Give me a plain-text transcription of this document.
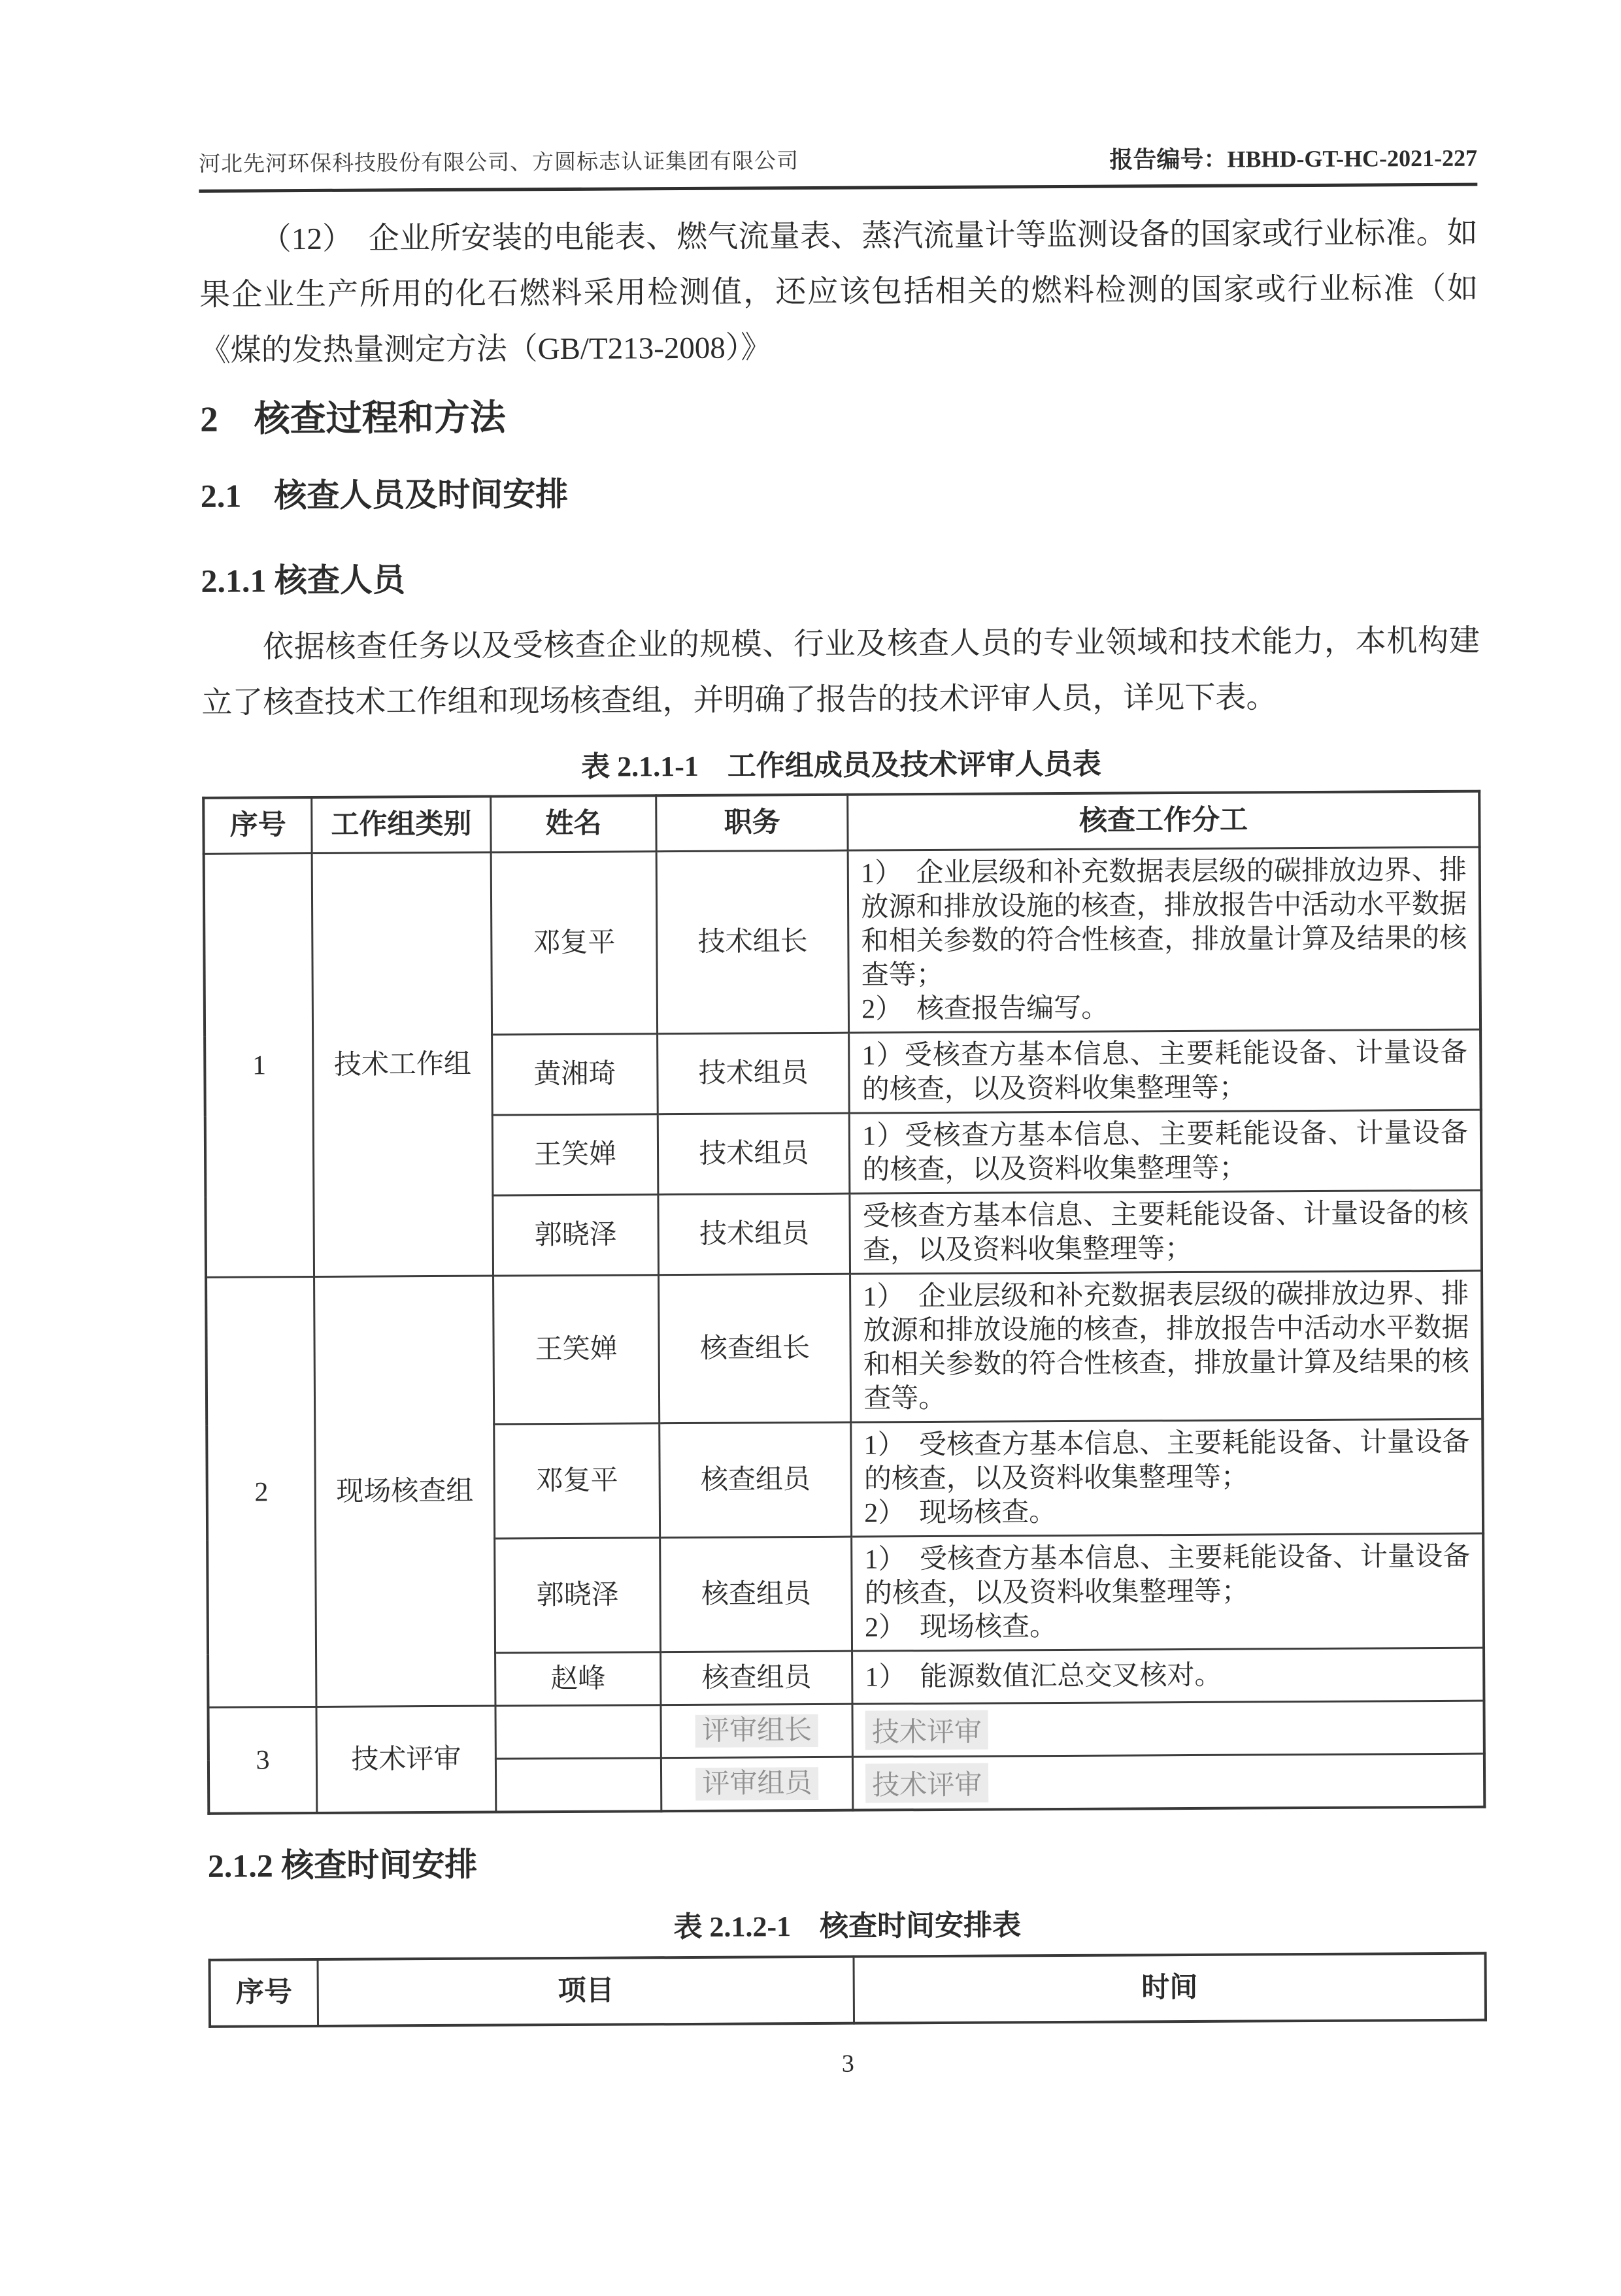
河北先河环保科技股份有限公司、方圆标志认证集团有限公司	报告编号：HBHD-GT-HC-2021-227

（12）　企业所安装的电能表、燃气流量表、蒸汽流量计等监测设备的国家或行业标准。如果企业生产所用的化石燃料采用检测值，还应该包括相关的燃料检测的国家或行业标准（如《煤的发热量测定方法（GB/T213-2008）》

2　核查过程和方法
2.1　核查人员及时间安排
2.1.1 核查人员

依据核查任务以及受核查企业的规模、行业及核查人员的专业领域和技术能力，本机构建立了核查技术工作组和现场核查组，并明确了报告的技术评审人员，详见下表。

表 2.1.1-1　工作组成员及技术评审人员表
序号	工作组类别	姓名	职务	核查工作分工
1	技术工作组	邓复平	技术组长	1）　企业层级和补充数据表层级的碳排放边界、排放源和排放设施的核查，排放报告中活动水平数据和相关参数的符合性核查，排放量计算及结果的核查等；
2）　核查报告编写。

		黄湘琦	技术组员	1）受核查方基本信息、主要耗能设备、计量设备的核查，以及资料收集整理等；

		王笑婵	技术组员	1）受核查方基本信息、主要耗能设备、计量设备的核查，以及资料收集整理等；

		郭晓泽	技术组员	受核查方基本信息、主要耗能设备、计量设备的核查，以及资料收集整理等；

2	现场核查组	王笑婵	核查组长	1）　企业层级和补充数据表层级的碳排放边界、排放源和排放设施的核查，排放报告中活动水平数据和相关参数的符合性核查，排放量计算及结果的核查等。

		邓复平	核查组员	1）　受核查方基本信息、主要耗能设备、计量设备的核查，以及资料收集整理等；
2）　现场核查。

		郭晓泽	核查组员	1）　受核查方基本信息、主要耗能设备、计量设备的核查，以及资料收集整理等；
2）　现场核查。

		赵峰	核查组员	1）　能源数值汇总交叉核对。

3	技术评审		评审组长	技术评审
			评审组员	技术评审
2.1.2 核查时间安排
表 2.1.2-1　核查时间安排表
序号	项目	时间
3
